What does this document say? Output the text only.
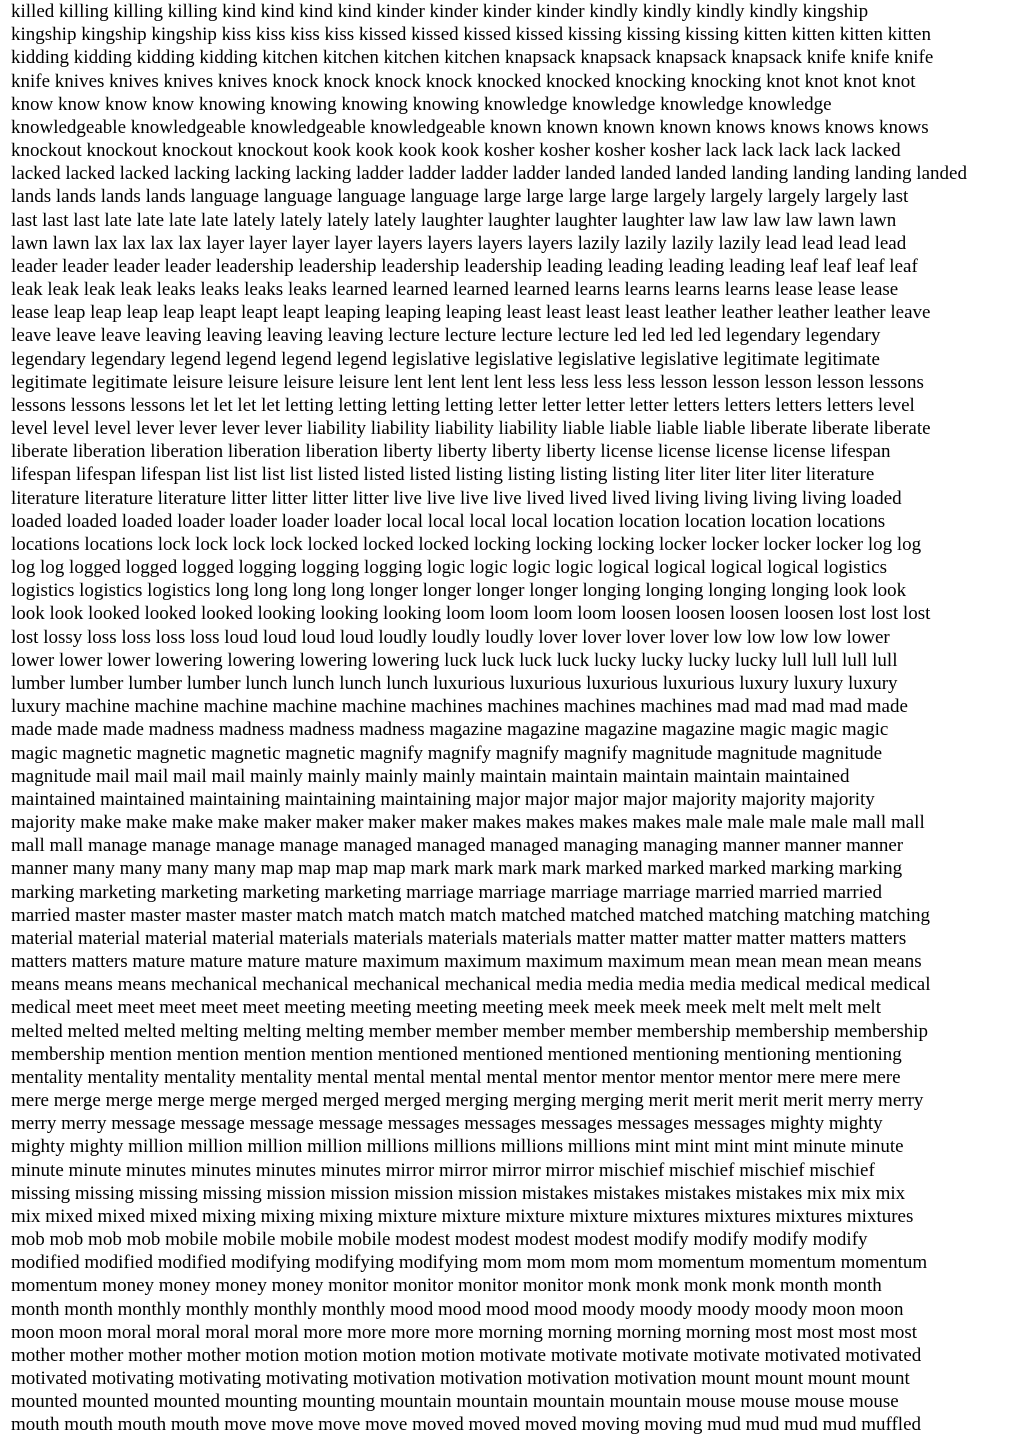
killed killing killing killing kind kind kind kind kinder kinder kinder kinder kindly kindly kindly kindly kingship
kingship kingship kingship kiss kiss kiss kiss kissed kissed kissed kissed kissing kissing kissing kitten kitten kitten kitten
kidding kidding kidding kidding kitchen kitchen kitchen kitchen knapsack knapsack knapsack knapsack knife knife knife
knife knives knives knives knives knock knock knock knock knocked knocked knocking knocking knot knot knot knot
know know know know knowing knowing knowing knowing knowledge knowledge knowledge knowledge
knowledgeable knowledgeable knowledgeable knowledgeable known known known known knows knows knows knows
knockout knockout knockout knockout kook kook kook kook kosher kosher kosher kosher lack lack lack lack lacked
lacked lacked lacked lacking lacking lacking ladder ladder ladder ladder landed landed landed landing landing landing landed
lands lands lands lands language language language language large large large large largely largely largely largely last
last last last late late late late lately lately lately lately laughter laughter laughter laughter law law law law lawn lawn
lawn lawn lax lax lax lax layer layer layer layer layers layers layers layers lazily lazily lazily lazily lead lead lead lead
leader leader leader leader leadership leadership leadership leadership leading leading leading leading leaf leaf leaf leaf
leak leak leak leak leaks leaks leaks leaks learned learned learned learned learns learns learns learns lease lease lease
lease leap leap leap leap leapt leapt leapt leaping leaping leaping least least least least leather leather leather leather leave
leave leave leave leaving leaving leaving leaving lecture lecture lecture lecture led led led led legendary legendary
legendary legendary legend legend legend legend legislative legislative legislative legislative legitimate legitimate
legitimate legitimate leisure leisure leisure leisure lent lent lent lent less less less less lesson lesson lesson lesson lessons
lessons lessons lessons let let let let letting letting letting letting letter letter letter letter letters letters letters letters level
level level level lever lever lever lever liability liability liability liability liable liable liable liable liberate liberate liberate
liberate liberation liberation liberation liberation liberty liberty liberty liberty license license license license lifespan
lifespan lifespan lifespan list list list list listed listed listed listing listing listing listing liter liter liter liter literature
literature literature literature litter litter litter litter live live live live lived lived lived living living living living loaded
loaded loaded loaded loader loader loader loader local local local local location location location location locations
locations locations lock lock lock lock locked locked locked locking locking locking locker locker locker locker log log
log log logged logged logged logging logging logging logic logic logic logic logical logical logical logical logistics
logistics logistics logistics long long long long longer longer longer longer longing longing longing longing look look
look look looked looked looked looking looking looking loom loom loom loom loosen loosen loosen loosen lost lost lost
lost lossy loss loss loss loss loud loud loud loud loudly loudly loudly lover lover lover lover low low low low lower
lower lower lower lowering lowering lowering lowering luck luck luck luck lucky lucky lucky lucky lull lull lull lull
lumber lumber lumber lumber lunch lunch lunch lunch luxurious luxurious luxurious luxurious luxury luxury luxury
luxury machine machine machine machine machine machines machines machines machines mad mad mad mad made
made made made madness madness madness madness magazine magazine magazine magazine magic magic magic
magic magnetic magnetic magnetic magnetic magnify magnify magnify magnify magnitude magnitude magnitude
magnitude mail mail mail mail mainly mainly mainly mainly maintain maintain maintain maintain maintained
maintained maintained maintaining maintaining maintaining major major major major majority majority majority
majority make make make make maker maker maker maker makes makes makes makes male male male male mall mall
mall mall manage manage manage manage managed managed managed managing managing manner manner manner
manner many many many many map map map map mark mark mark mark marked marked marked marking marking
marking marketing marketing marketing marketing marriage marriage marriage marriage married married married
married master master master master match match match match matched matched matched matching matching matching
material material material material materials materials materials materials matter matter matter matter matters matters
matters matters mature mature mature mature maximum maximum maximum maximum mean mean mean mean means
means means means mechanical mechanical mechanical mechanical media media media media medical medical medical
medical meet meet meet meet meet meeting meeting meeting meeting meek meek meek meek melt melt melt melt
melted melted melted melting melting melting member member member member membership membership membership
membership mention mention mention mention mentioned mentioned mentioned mentioning mentioning mentioning
mentality mentality mentality mentality mental mental mental mental mentor mentor mentor mentor mere mere mere
mere merge merge merge merge merged merged merged merging merging merging merit merit merit merit merry merry
merry merry message message message message messages messages messages messages messages mighty mighty
mighty mighty million million million million millions millions millions millions mint mint mint mint minute minute
minute minute minutes minutes minutes minutes mirror mirror mirror mirror mischief mischief mischief mischief
missing missing missing missing mission mission mission mission mistakes mistakes mistakes mistakes mix mix mix
mix mixed mixed mixed mixing mixing mixing mixture mixture mixture mixture mixtures mixtures mixtures mixtures
mob mob mob mob mobile mobile mobile mobile modest modest modest modest modify modify modify modify
modified modified modified modifying modifying modifying mom mom mom mom momentum momentum momentum
momentum money money money money monitor monitor monitor monitor monk monk monk monk month month
month month monthly monthly monthly monthly mood mood mood mood moody moody moody moody moon moon
moon moon moral moral moral moral more more more more morning morning morning morning most most most most
mother mother mother mother motion motion motion motion motivate motivate motivate motivate motivated motivated
motivated motivating motivating motivating motivation motivation motivation motivation mount mount mount mount
mounted mounted mounted mounting mounting mountain mountain mountain mountain mouse mouse mouse mouse
mouth mouth mouth mouth move move move move moved moved moved moving moving mud mud mud mud muffled
